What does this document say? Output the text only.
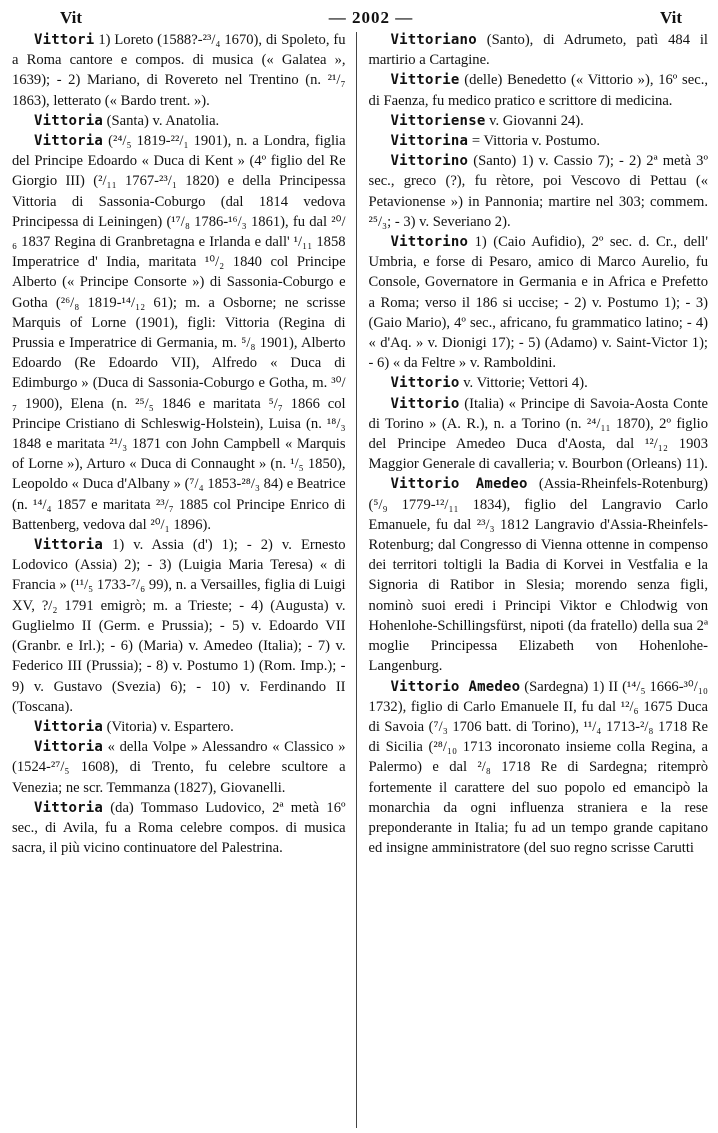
Vit	— 2002 —	Vit

Vittori 1) Loreto (1588?-²³/₄ 1670), di Spoleto, fu a Roma cantore e compos. di musica (« Galatea », 1639); - 2) Mariano, di Rovereto nel Trentino (n. ²¹/₇ 1863), letterato (« Bardo trent. »).

Vittoria (Santa) v. Anatolia.

Vittoria (²⁴/₅ 1819-²²/₁ 1901), n. a Londra, figlia del Principe Edoardo « Duca di Kent » (4º figlio del Re Giorgio III) (²/₁₁ 1767-²³/₁ 1820) e della Principessa Vittoria di Sassonia-Coburgo (dal 1814 vedova Principessa di Leiningen) (¹⁷/₈ 1786-¹⁶/₃ 1861), fu dal ²⁰/₆ 1837 Regina di Granbretagna e Irlanda e dall' ¹/₁₁ 1858 Imperatrice d' India, maritata ¹⁰/₂ 1840 col Principe Alberto (« Principe Consorte ») di Sassonia-Coburgo e Gotha (²⁶/₈ 1819-¹⁴/₁₂ 61); m. a Osborne; ne scrisse Marquis of Lorne (1901), figli: Vittoria (Regina di Prussia e Imperatrice di Germania, m. ⁵/₈ 1901), Alberto Edoardo (Re Edoardo VII), Alfredo « Duca di Edimburgo » (Duca di Sassonia-Coburgo e Gotha, m. ³⁰/₇ 1900), Elena (n. ²⁵/₅ 1846 e maritata ⁵/₇ 1866 col Principe Cristiano di Schleswig-Holstein), Luisa (n. ¹⁸/₃ 1848 e maritata ²¹/₃ 1871 con John Campbell « Marquis of Lorne »), Arturo « Duca di Connaught » (n. ¹/₅ 1850), Leopoldo « Duca d'Albany » (⁷/₄ 1853-²⁸/₃ 84) e Beatrice (n. ¹⁴/₄ 1857 e maritata ²³/₇ 1885 col Principe Enrico di Battenberg, vedova dal ²⁰/₁ 1896).

Vittoria 1) v. Assia (d') 1); - 2) v. Ernesto Lodovico (Assia) 2); - 3) (Luigia Maria Teresa) « di Francia » (¹¹/₅ 1733-⁷/₆ 99), n. a Versailles, figlia di Luigi XV, ?/₂ 1791 emigrò; m. a Trieste; - 4) (Augusta) v. Guglielmo II (Germ. e Prussia); - 5) v. Edoardo VII (Granbr. e Irl.); - 6) (Maria) v. Amedeo (Italia); - 7) v. Federico III (Prussia); - 8) v. Postumo 1) (Rom. Imp.); - 9) v. Gustavo (Svezia) 6); - 10) v. Ferdinando II (Toscana).

Vittoria (Vitoria) v. Espartero.

Vittoria « della Volpe » Alessandro « Classico » (1524-²⁷/₅ 1608), di Trento, fu celebre scultore a Venezia; ne scr. Temmanza (1827), Giovanelli.

Vittoria (da) Tommaso Ludovico, 2ª metà 16º sec., di Avila, fu a Roma celebre compos. di musica sacra, il più vicino continuatore del Palestrina.

Vittoriano (Santo), di Adrumeto, patì 484 il martirio a Cartagine.

Vittorie (delle) Benedetto (« Vittorio »), 16º sec., di Faenza, fu medico pratico e scrittore di medicina.

Vittoriense v. Giovanni 24).

Vittorina = Vittoria v. Postumo.

Vittorino (Santo) 1) v. Cassio 7); - 2) 2ª metà 3º sec., greco (?), fu rètore, poi Vescovo di Pettau (« Petavionense ») in Pannonia; martire nel 303; commem. ²⁵/₃; - 3) v. Severiano 2).

Vittorino 1) (Caio Aufidio), 2º sec. d. Cr., dell' Umbria, e forse di Pesaro, amico di Marco Aurelio, fu Console, Governatore in Germania e in Africa e Prefetto a Roma; verso il 186 si uccise; - 2) v. Postumo 1); - 3) (Gaio Mario), 4º sec., africano, fu grammatico latino; - 4) « d'Aq. » v. Dionigi 17); - 5) (Adamo) v. Saint-Victor 1); - 6) « da Feltre » v. Ramboldini.

Vittorio v. Vittorie; Vettori 4).

Vittorio (Italia) « Principe di Savoia-Aosta Conte di Torino » (A. R.), n. a Torino (n. ²⁴/₁₁ 1870), 2º figlio del Principe Amedeo Duca d'Aosta, dal ¹²/₁₂ 1903 Maggior Generale di cavalleria; v. Bourbon (Orleans) 11).

Vittorio Amedeo (Assia-Rheinfels-Rotenburg) (⁵/₉ 1779-¹²/₁₁ 1834), figlio del Langravio Carlo Emanuele, fu dal ²³/₃ 1812 Langravio d'Assia-Rheinfels-Rotenburg; dal Congresso di Vienna ottenne in compenso dei territori toltigli la Badia di Korvei in Vestfalia e la Signoria di Ratibor in Slesia; morendo senza figli, nominò suoi eredi i Principi Viktor e Chlodwig von Hohenlohe-Schillingsfürst, nipoti (da fratello) della sua 2ª moglie Principessa Elizabeth von Hohenlohe-Langenburg.

Vittorio Amedeo (Sardegna) 1) II (¹⁴/₅ 1666-³⁰/₁₀ 1732), figlio di Carlo Emanuele II, fu dal ¹²/₆ 1675 Duca di Savoia (⁷/₃ 1706 batt. di Torino), ¹¹/₄ 1713-²/₈ 1718 Re di Sicilia (²⁸/₁₀ 1713 incoronato insieme colla Regina, a Palermo) e dal ²/₈ 1718 Re di Sardegna; ritemprò fortemente il carattere del suo popolo ed emancipò la monarchia da ogni influenza straniera e la rese preponderante in Italia; fu ad un tempo grande capitano ed insigne amministratore (del suo regno scrisse Carutti
